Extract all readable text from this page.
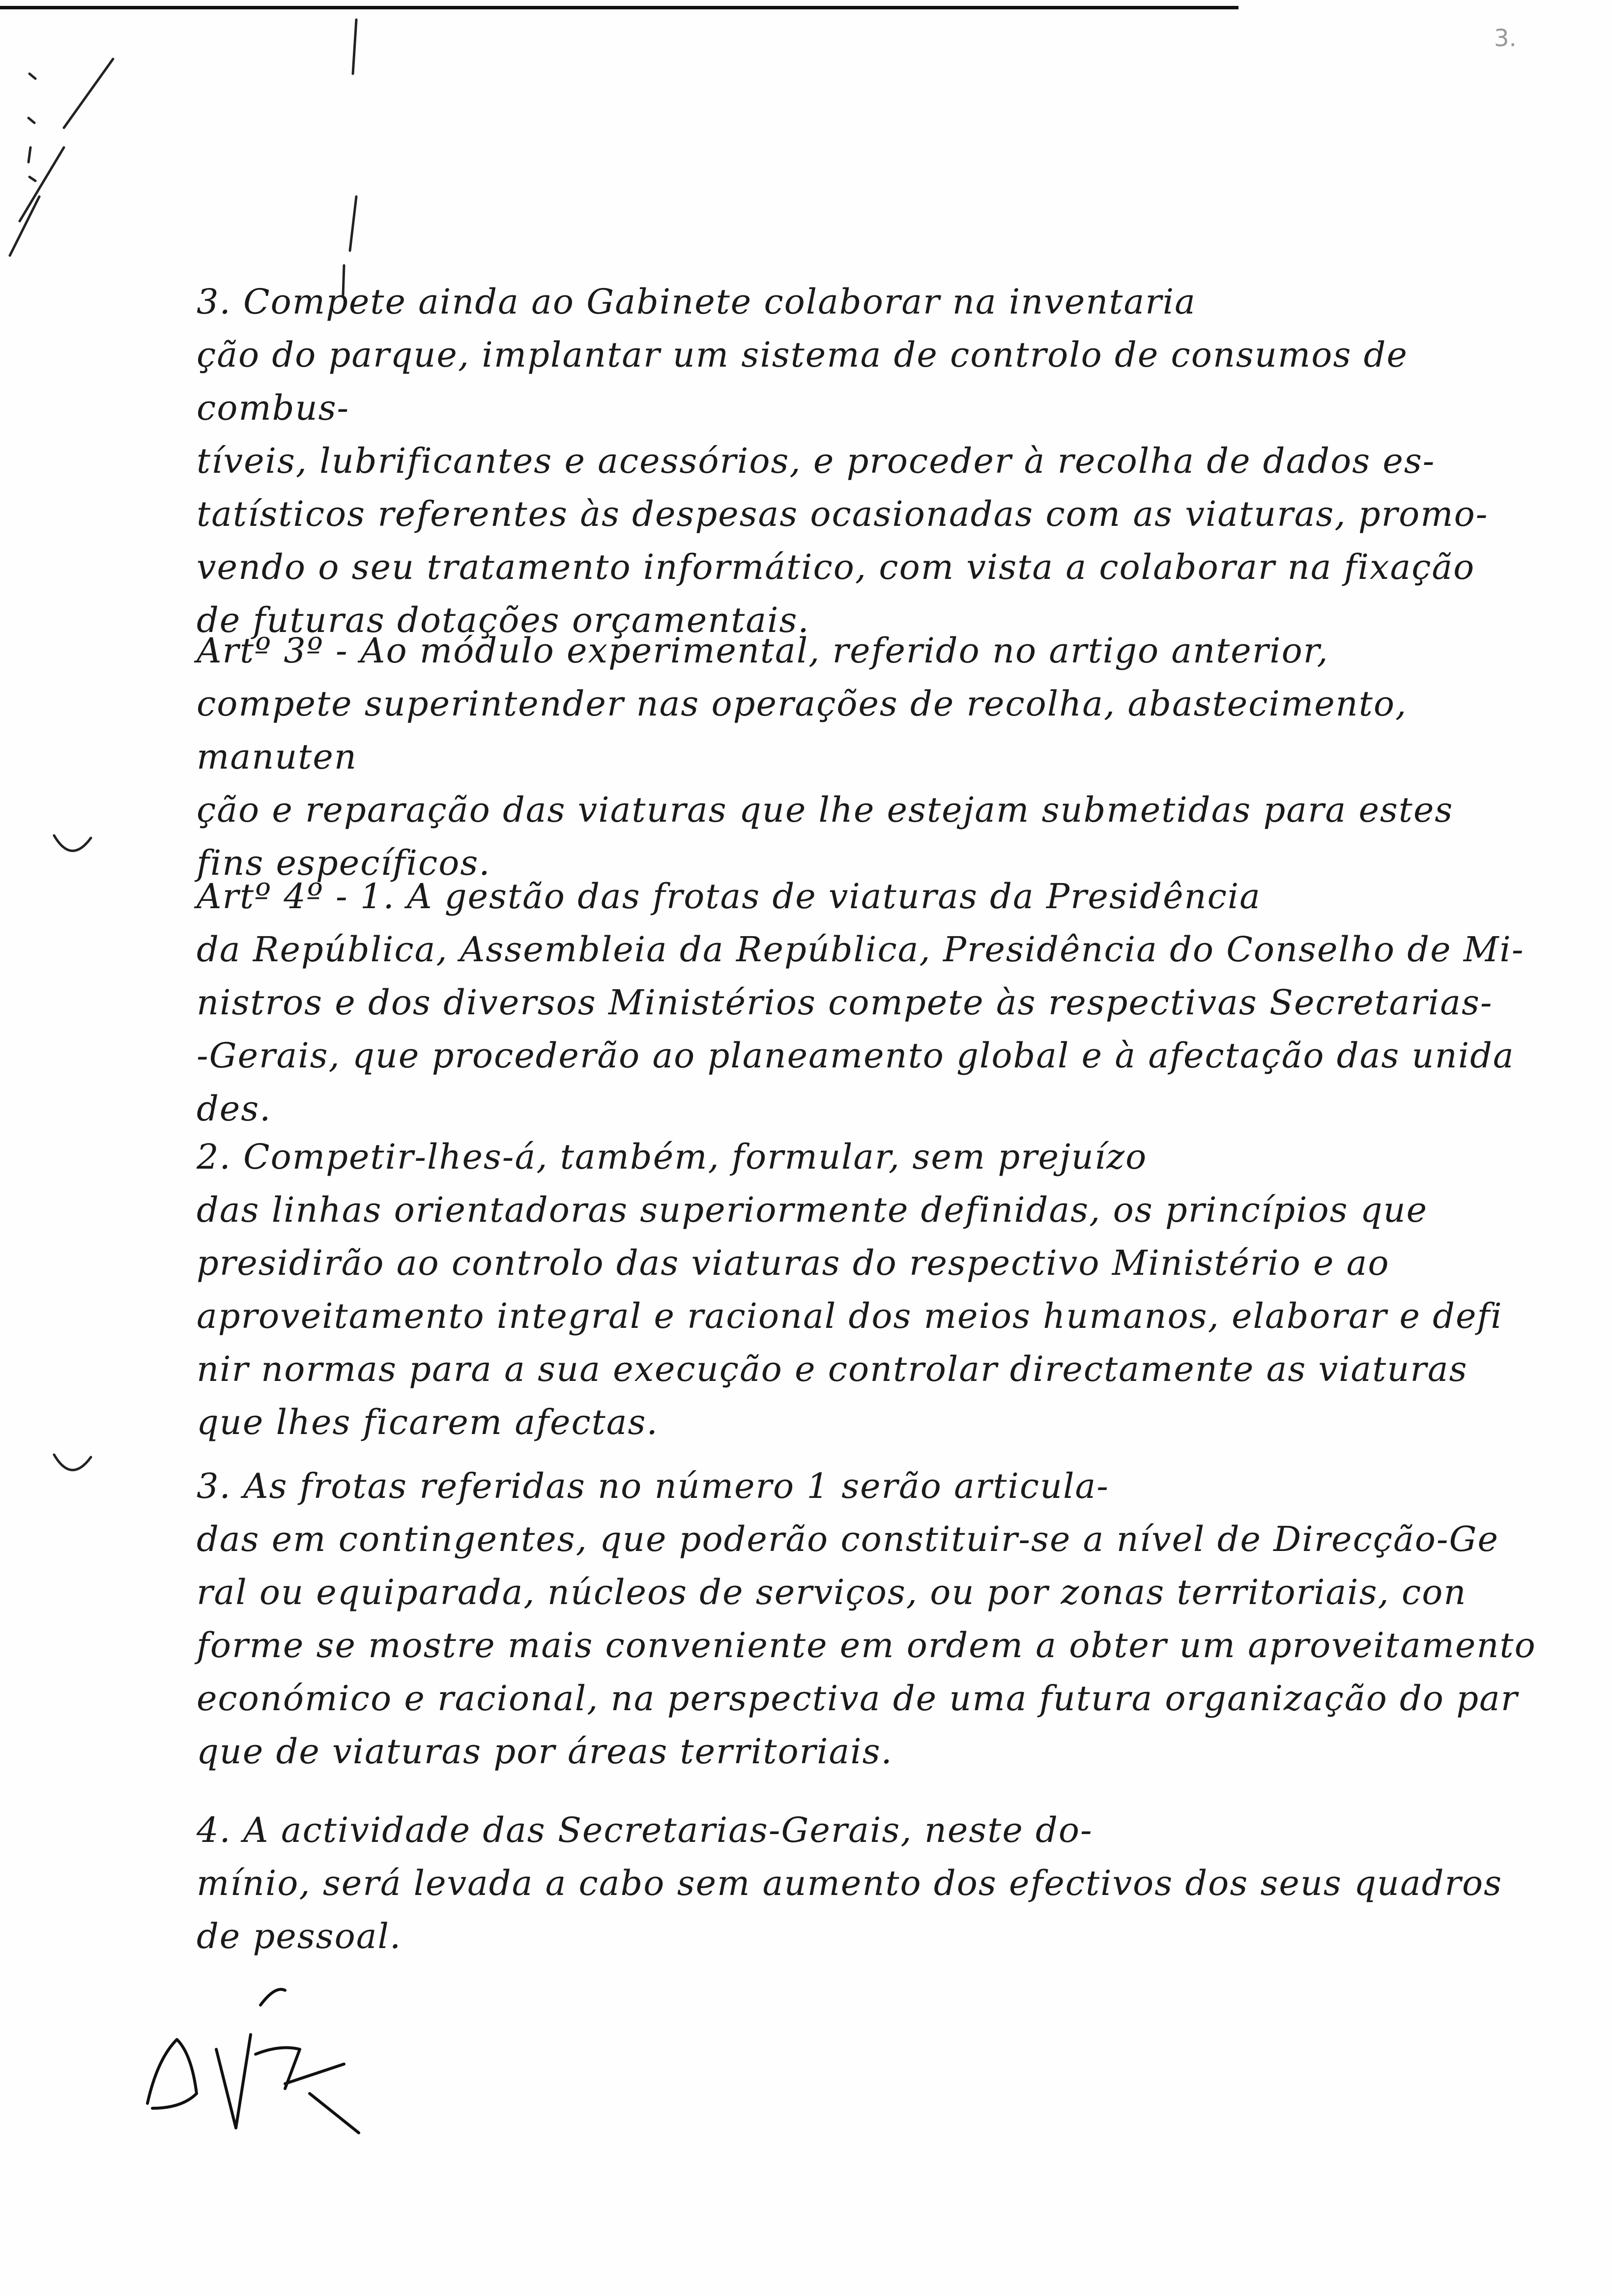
3.

3. Compete ainda ao Gabinete colaborar na inventaria
ção do parque, implantar um sistema de controlo de consumos de combus-
tíveis, lubrificantes e acessórios, e proceder à recolha de dados es-
tatísticos referentes às despesas ocasionadas com as viaturas, promo-
vendo o seu tratamento informático, com vista a colaborar na fixação
de futuras dotações orçamentais.

Artº 3º - Ao módulo experimental, referido no artigo anterior,
compete superintender nas operações de recolha, abastecimento, manuten
ção e reparação das viaturas que lhe estejam submetidas para estes
fins específicos.

Artº 4º - 1. A gestão das frotas de viaturas da Presidência
da República, Assembleia da República, Presidência do Conselho de Mi-
nistros e dos diversos Ministérios compete às respectivas Secretarias-
-Gerais, que procederão ao planeamento global e à afectação das unida
des.

2. Competir-lhes-á, também, formular, sem prejuízo
das linhas orientadoras superiormente definidas, os princípios que
presidirão ao controlo das viaturas do respectivo Ministério e ao
aproveitamento integral e racional dos meios humanos, elaborar e defi
nir normas para a sua execução e controlar directamente as viaturas
que lhes ficarem afectas.

3. As frotas referidas no número 1 serão articula-
das em contingentes, que poderão constituir-se a nível de Direcção-Ge
ral ou equiparada, núcleos de serviços, ou por zonas territoriais, con
forme se mostre mais conveniente em ordem a obter um aproveitamento
económico e racional, na perspectiva de uma futura organização do par
que de viaturas por áreas territoriais.

4. A actividade das Secretarias-Gerais, neste do-
mínio, será levada a cabo sem aumento dos efectivos dos seus quadros
de pessoal.
